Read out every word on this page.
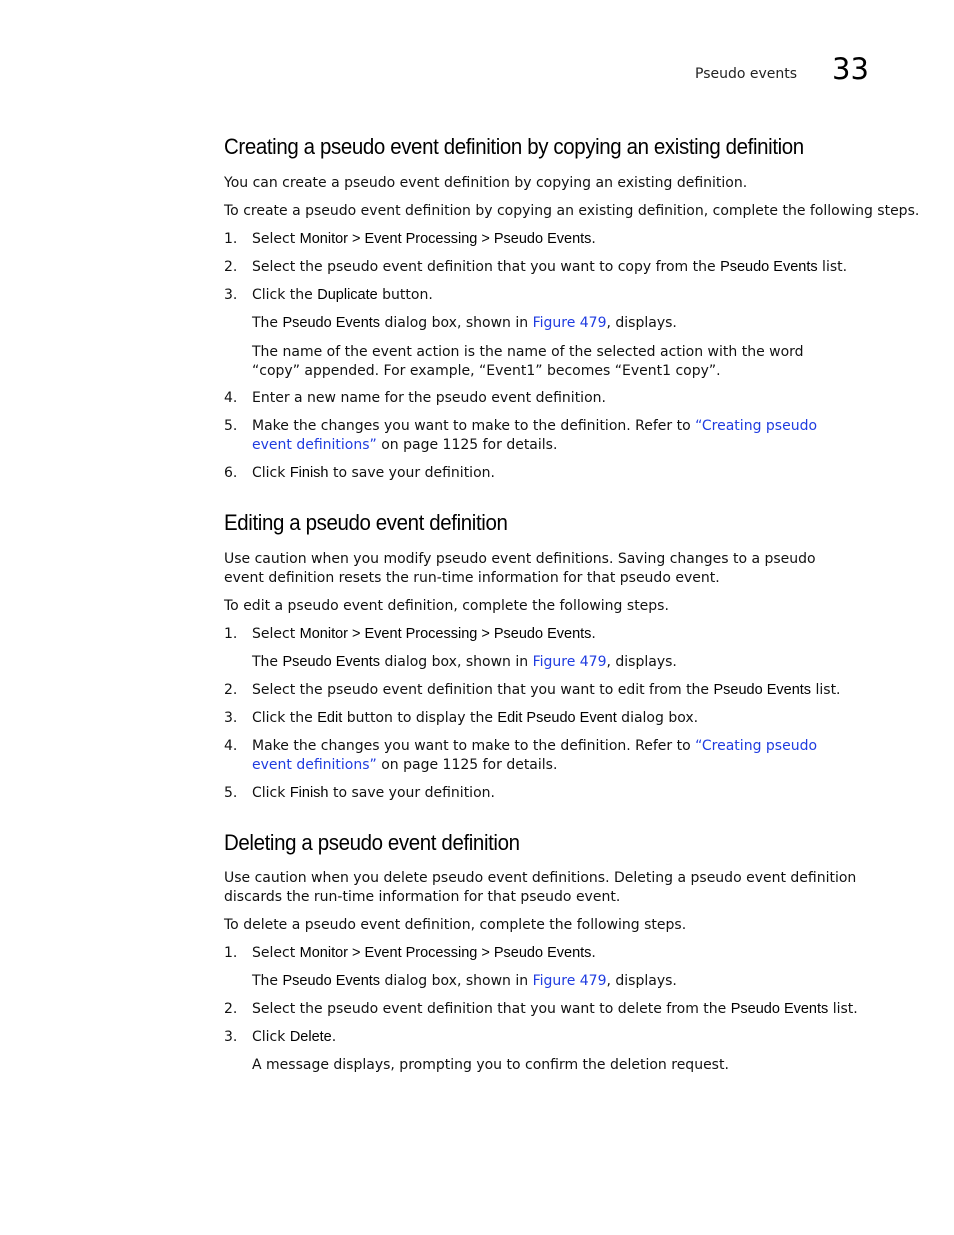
Pseudo events 33
Creating a pseudo event definition by copying an existing definition

You can create a pseudo event definition by copying an existing definition.

To create a pseudo event definition by copying an existing definition, complete the following steps.

1. Select Monitor > Event Processing > Pseudo Events.
2. Select the pseudo event definition that you want to copy from the Pseudo Events list.
3. Click the Duplicate button.

The Pseudo Events dialog box, shown in Figure 479, displays.

The name of the event action is the name of the selected action with the word “copy” appended. For example, “Event1” becomes “Event1 copy”.

4. Enter a new name for the pseudo event definition.
5. Make the changes you want to make to the definition. Refer to “Creating pseudo event definitions” on page 1125 for details.
6. Click Finish to save your definition.
Editing a pseudo event definition

Use caution when you modify pseudo event definitions. Saving changes to a pseudo event definition resets the run-time information for that pseudo event.

To edit a pseudo event definition, complete the following steps.

1. Select Monitor > Event Processing > Pseudo Events.

The Pseudo Events dialog box, shown in Figure 479, displays.

2. Select the pseudo event definition that you want to edit from the Pseudo Events list.
3. Click the Edit button to display the Edit Pseudo Event dialog box.
4. Make the changes you want to make to the definition. Refer to “Creating pseudo event definitions” on page 1125 for details.
5. Click Finish to save your definition.
Deleting a pseudo event definition

Use caution when you delete pseudo event definitions. Deleting a pseudo event definition discards the run-time information for that pseudo event.

To delete a pseudo event definition, complete the following steps.

1. Select Monitor > Event Processing > Pseudo Events.

The Pseudo Events dialog box, shown in Figure 479, displays.

2. Select the pseudo event definition that you want to delete from the Pseudo Events list.
3. Click Delete.

A message displays, prompting you to confirm the deletion request.
